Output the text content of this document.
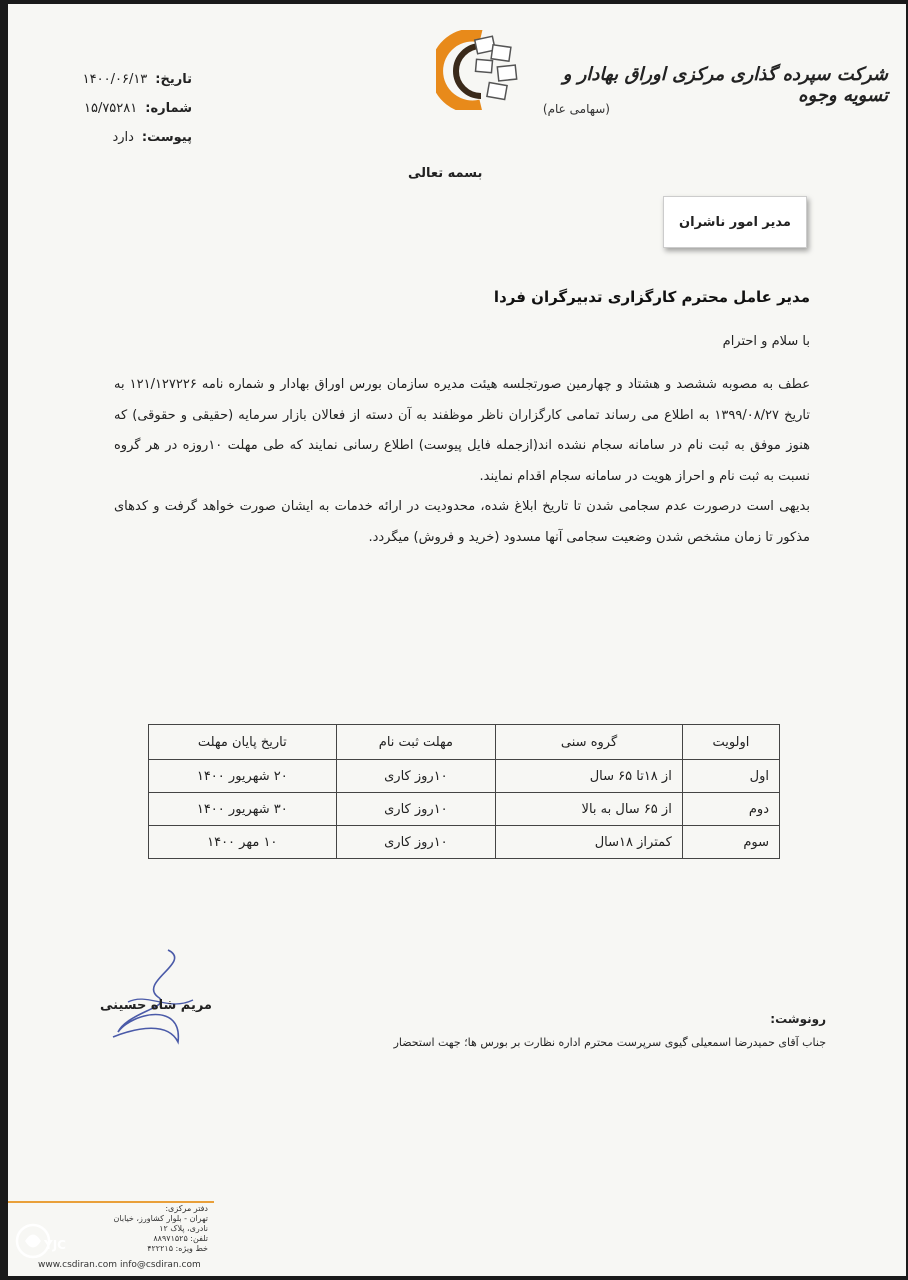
شرکت سپرده گذاری مرکزی اوراق بهادار و تسویه وجوه
(سهامی عام)
تاریخ:
۱۴۰۰/۰۶/۱۳
شماره:
۱۵/۷۵۲۸۱
پیوست:
دارد
بسمه تعالی
مدیر امور ناشران
مدیر عامل محترم کارگزاری تدبیرگران فردا
با سلام و احترام

عطف به مصوبه ششصد و هشتاد و چهارمین صورتجلسه هیئت مدیره سازمان بورس اوراق بهادار و شماره نامه ۱۲۱/۱۲۷۲۲۶ به تاریخ ۱۳۹۹/۰۸/۲۷ به اطلاع می رساند تمامی کارگزاران ناظر موظفند به آن دسته از فعالان بازار سرمایه (حقیقی و حقوقی) که هنوز موفق به ثبت نام در سامانه سجام نشده اند(ازجمله فایل پیوست) اطلاع رسانی نمایند که طی مهلت ۱۰روزه در هر گروه نسبت به ثبت نام و احراز هویت در سامانه سجام اقدام نمایند.

بدیهی است درصورت عدم سجامی شدن تا تاریخ ابلاغ شده، محدودیت در ارائه خدمات به ایشان صورت خواهد گرفت و کدهای مذکور تا زمان مشخص شدن وضعیت سجامی آنها مسدود (خرید و فروش) میگردد.

اولویت	گروه سنی	مهلت ثبت نام	تاریخ پایان مهلت
اول	از ۱۸تا ۶۵ سال	۱۰روز کاری	۲۰ شهریور ۱۴۰۰
دوم	از ۶۵ سال به بالا	۱۰روز کاری	۳۰ شهریور ۱۴۰۰
سوم	کمتراز ۱۸سال	۱۰روز کاری	۱۰ مهر ۱۴۰۰
مریم شاه حسینی
رونوشت:
جناب آقای حمیدرضا اسمعیلی گیوی سرپرست محترم اداره نظارت بر بورس ها؛ جهت استحضار
دفتر مرکزی:
تهران - بلوار کشاورز، خیابان نادری، پلاک ۱۲
تلفن: ۸۸۹۷۱۵۲۵
خط ویژه: ۴۲۲۲۱۵
info@csdiran.com
www.csdiran.com
YJC
